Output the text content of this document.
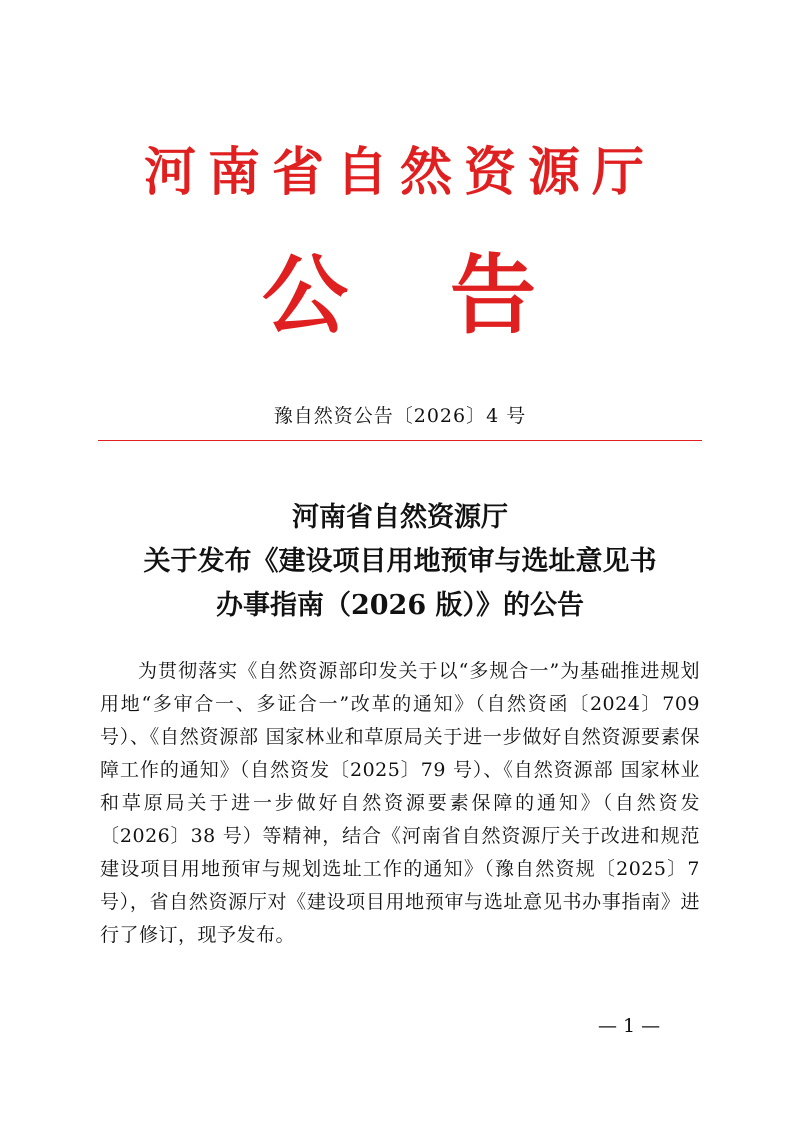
河南省自然资源厅
公 告
豫自然资公告〔2026〕4 号
河南省自然资源厅
关于发布《建设项目用地预审与选址意见书
办事指南（2026 版）》的公告

为贯彻落实《自然资源部印发关于以“多规合一”为基础推进规划用地“多审合一、多证合一”改革的通知》（自然资函〔2024〕709 号）、《自然资源部 国家林业和草原局关于进一步做好自然资源要素保障工作的通知》（自然资发〔2025〕79 号）、《自然资源部 国家林业和草原局关于进一步做好自然资源要素保障的通知》（自然资发〔2026〕38 号）等精神，结合《河南省自然资源厅关于改进和规范建设项目用地预审与规划选址工作的通知》（豫自然资规〔2025〕7 号），省自然资源厅对《建设项目用地预审与选址意见书办事指南》进行了修订，现予发布。

— 1 —
